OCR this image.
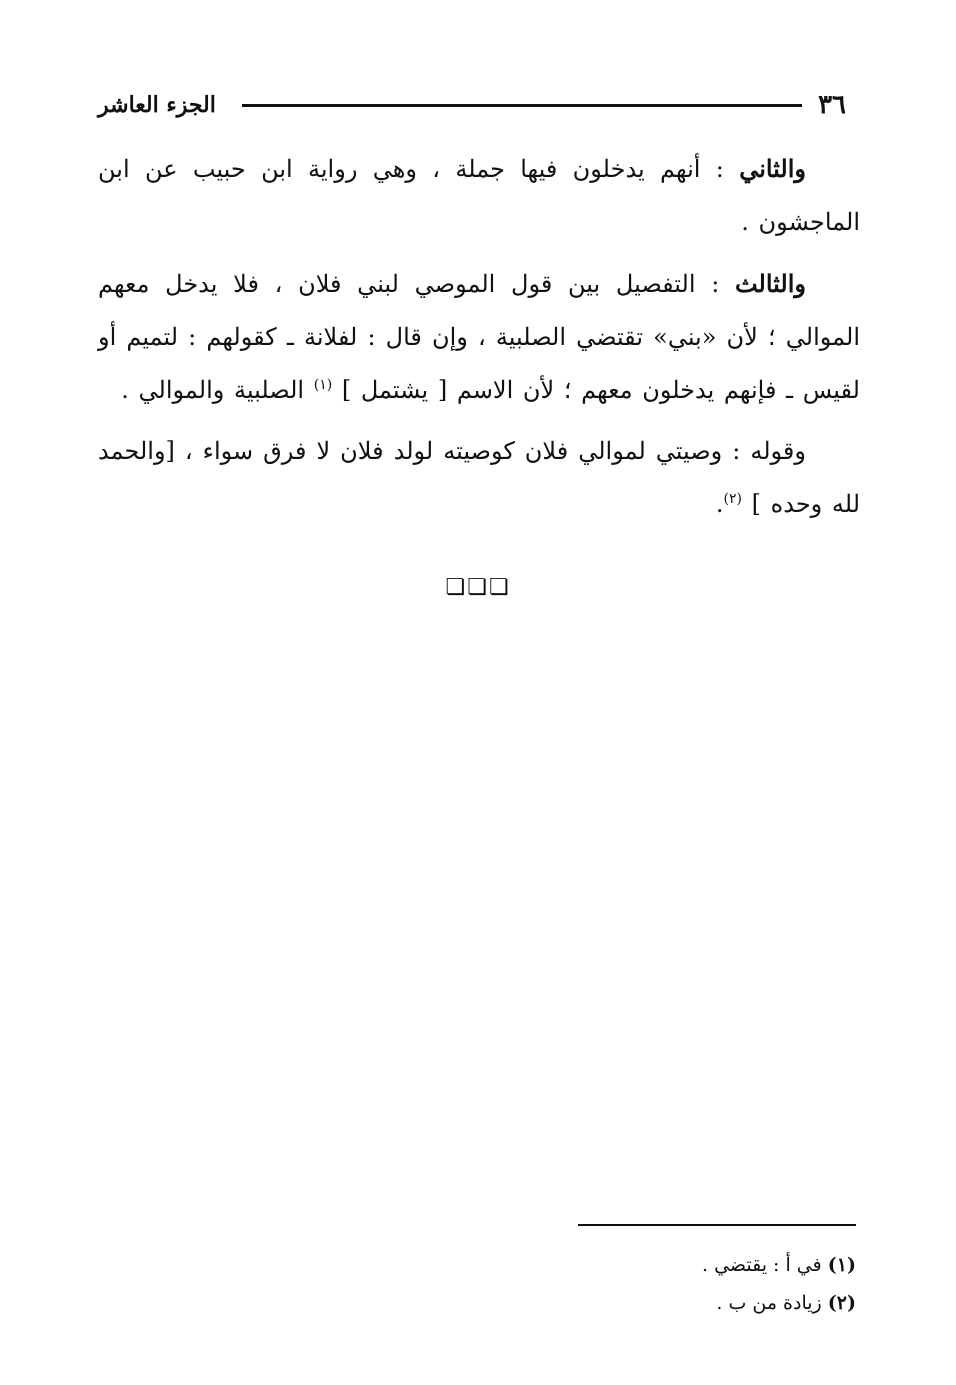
٣٦
الجزء العاشر

والثاني : أنهم يدخلون فيها جملة ، وهي رواية ابن حبيب عن ابن الماجشون .

والثالث : التفصيل بين قول الموصي لبني فلان ، فلا يدخل معهم الموالي ؛ لأن «بني» تقتضي الصلبية ، وإن قال : لفلانة ـ كقولهم : لتميم أو لقيس ـ فإنهم يدخلون معهم ؛ لأن الاسم [ يشتمل ] $^{(١)}$ الصلبية والموالي .

وقوله : وصيتي لموالي فلان كوصيته لولد فلان لا فرق سواء ، [والحمد لله وحده ] $^{(٢)}$.

❏❏❏

(١) في أ : يقتضي .

(٢) زيادة من ب .
